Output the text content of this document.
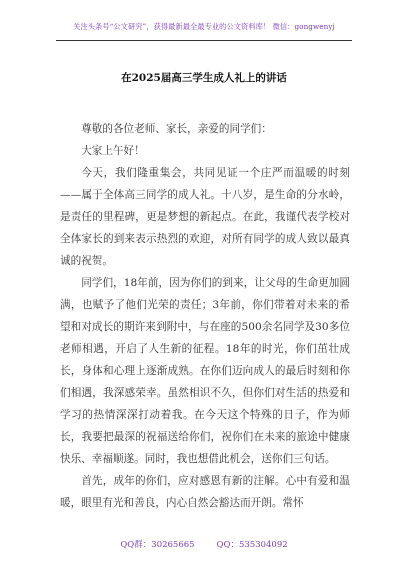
关注头条号“公文研究”，获得最新最全最专业的公文资料库！ 微信：gongwenyj
在2025届高三学生成人礼上的讲话

尊敬的各位老师、家长，亲爱的同学们：

大家上午好！

今天，我们隆重集会，共同见证一个庄严而温暖的时刻——属于全体高三同学的成人礼。十八岁，是生命的分水岭，是责任的里程碑，更是梦想的新起点。在此，我谨代表学校对全体家长的到来表示热烈的欢迎，对所有同学的成人致以最真诚的祝贺。

同学们，18年前，因为你们的到来，让父母的生命更加圆满，也赋予了他们光荣的责任；3年前，你们带着对未来的希望和对成长的期许来到附中，与在座的500余名同学及30多位老师相遇，开启了人生新的征程。18年的时光，你们茁壮成长，身体和心理上逐渐成熟。在你们迈向成人的最后时刻和你们相遇，我深感荣幸。虽然相识不久，但你们对生活的热爱和学习的热情深深打动着我。在今天这个特殊的日子，作为师长，我要把最深的祝福送给你们，祝你们在未来的旅途中健康快乐、幸福顺遂。同时，我也想借此机会，送你们三句话。

首先，成年的你们，应对感恩有新的注解。心中有爱和温暖，眼里有光和善良，内心自然会豁达而开朗。常怀

QQ群：30265665	QQ：535304092
